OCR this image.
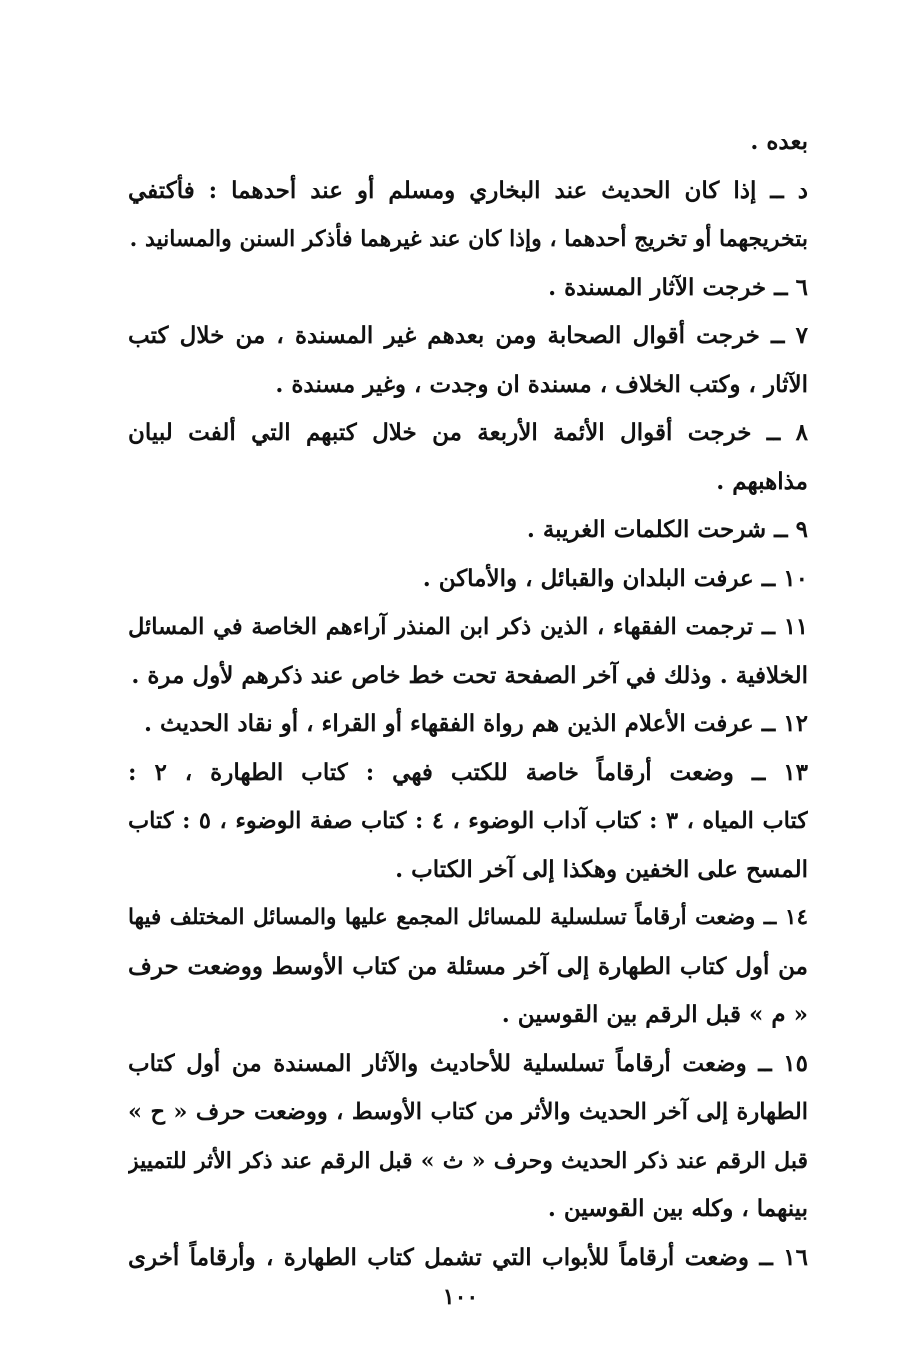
بعده .
د ــ إذا كان الحديث عند البخاري ومسلم أو عند أحدهما : فأكتفي
بتخريجهما أو تخريج أحدهما ، وإذا كان عند غيرهما فأذكر السنن والمسانيد .
٦ ــ خرجت الآثار المسندة .
٧ ــ خرجت أقوال الصحابة ومن بعدهم غير المسندة ، من خلال كتب
الآثار ، وكتب الخلاف ، مسندة ان وجدت ، وغير مسندة .
٨ ــ خرجت أقوال الأئمة الأربعة من خلال كتبهم التي ألفت لبيان
مذاهبهم .
٩ ــ شرحت الكلمات الغريبة .
١٠ ــ عرفت البلدان والقبائل ، والأماكن .
١١ ــ ترجمت الفقهاء ، الذين ذكر ابن المنذر آراءهم الخاصة في المسائل
الخلافية . وذلك في آخر الصفحة تحت خط خاص عند ذكرهم لأول مرة .
١٢ ــ عرفت الأعلام الذين هم رواة الفقهاء أو القراء ، أو نقاد الحديث .
١٣ ــ وضعت أرقاماً خاصة للكتب فهي : كتاب الطهارة ، ٢ :
كتاب المياه ، ٣ : كتاب آداب الوضوء ، ٤ : كتاب صفة الوضوء ، ٥ : كتاب
المسح على الخفين وهكذا إلى آخر الكتاب .
١٤ ــ وضعت أرقاماً تسلسلية للمسائل المجمع عليها والمسائل المختلف فيها
من أول كتاب الطهارة إلى آخر مسئلة من كتاب الأوسط ووضعت حرف
« م » قبل الرقم بين القوسين .
١٥ ــ وضعت أرقاماً تسلسلية للأحاديث والآثار المسندة من أول كتاب
الطهارة إلى آخر الحديث والأثر من كتاب الأوسط ، ووضعت حرف « ح »
قبل الرقم عند ذكر الحديث وحرف « ث » قبل الرقم عند ذكر الأثر للتمييز
بينهما ، وكله بين القوسين .
١٦ ــ وضعت أرقاماً للأبواب التي تشمل كتاب الطهارة ، وأرقاماً أخرى
١٠٠
